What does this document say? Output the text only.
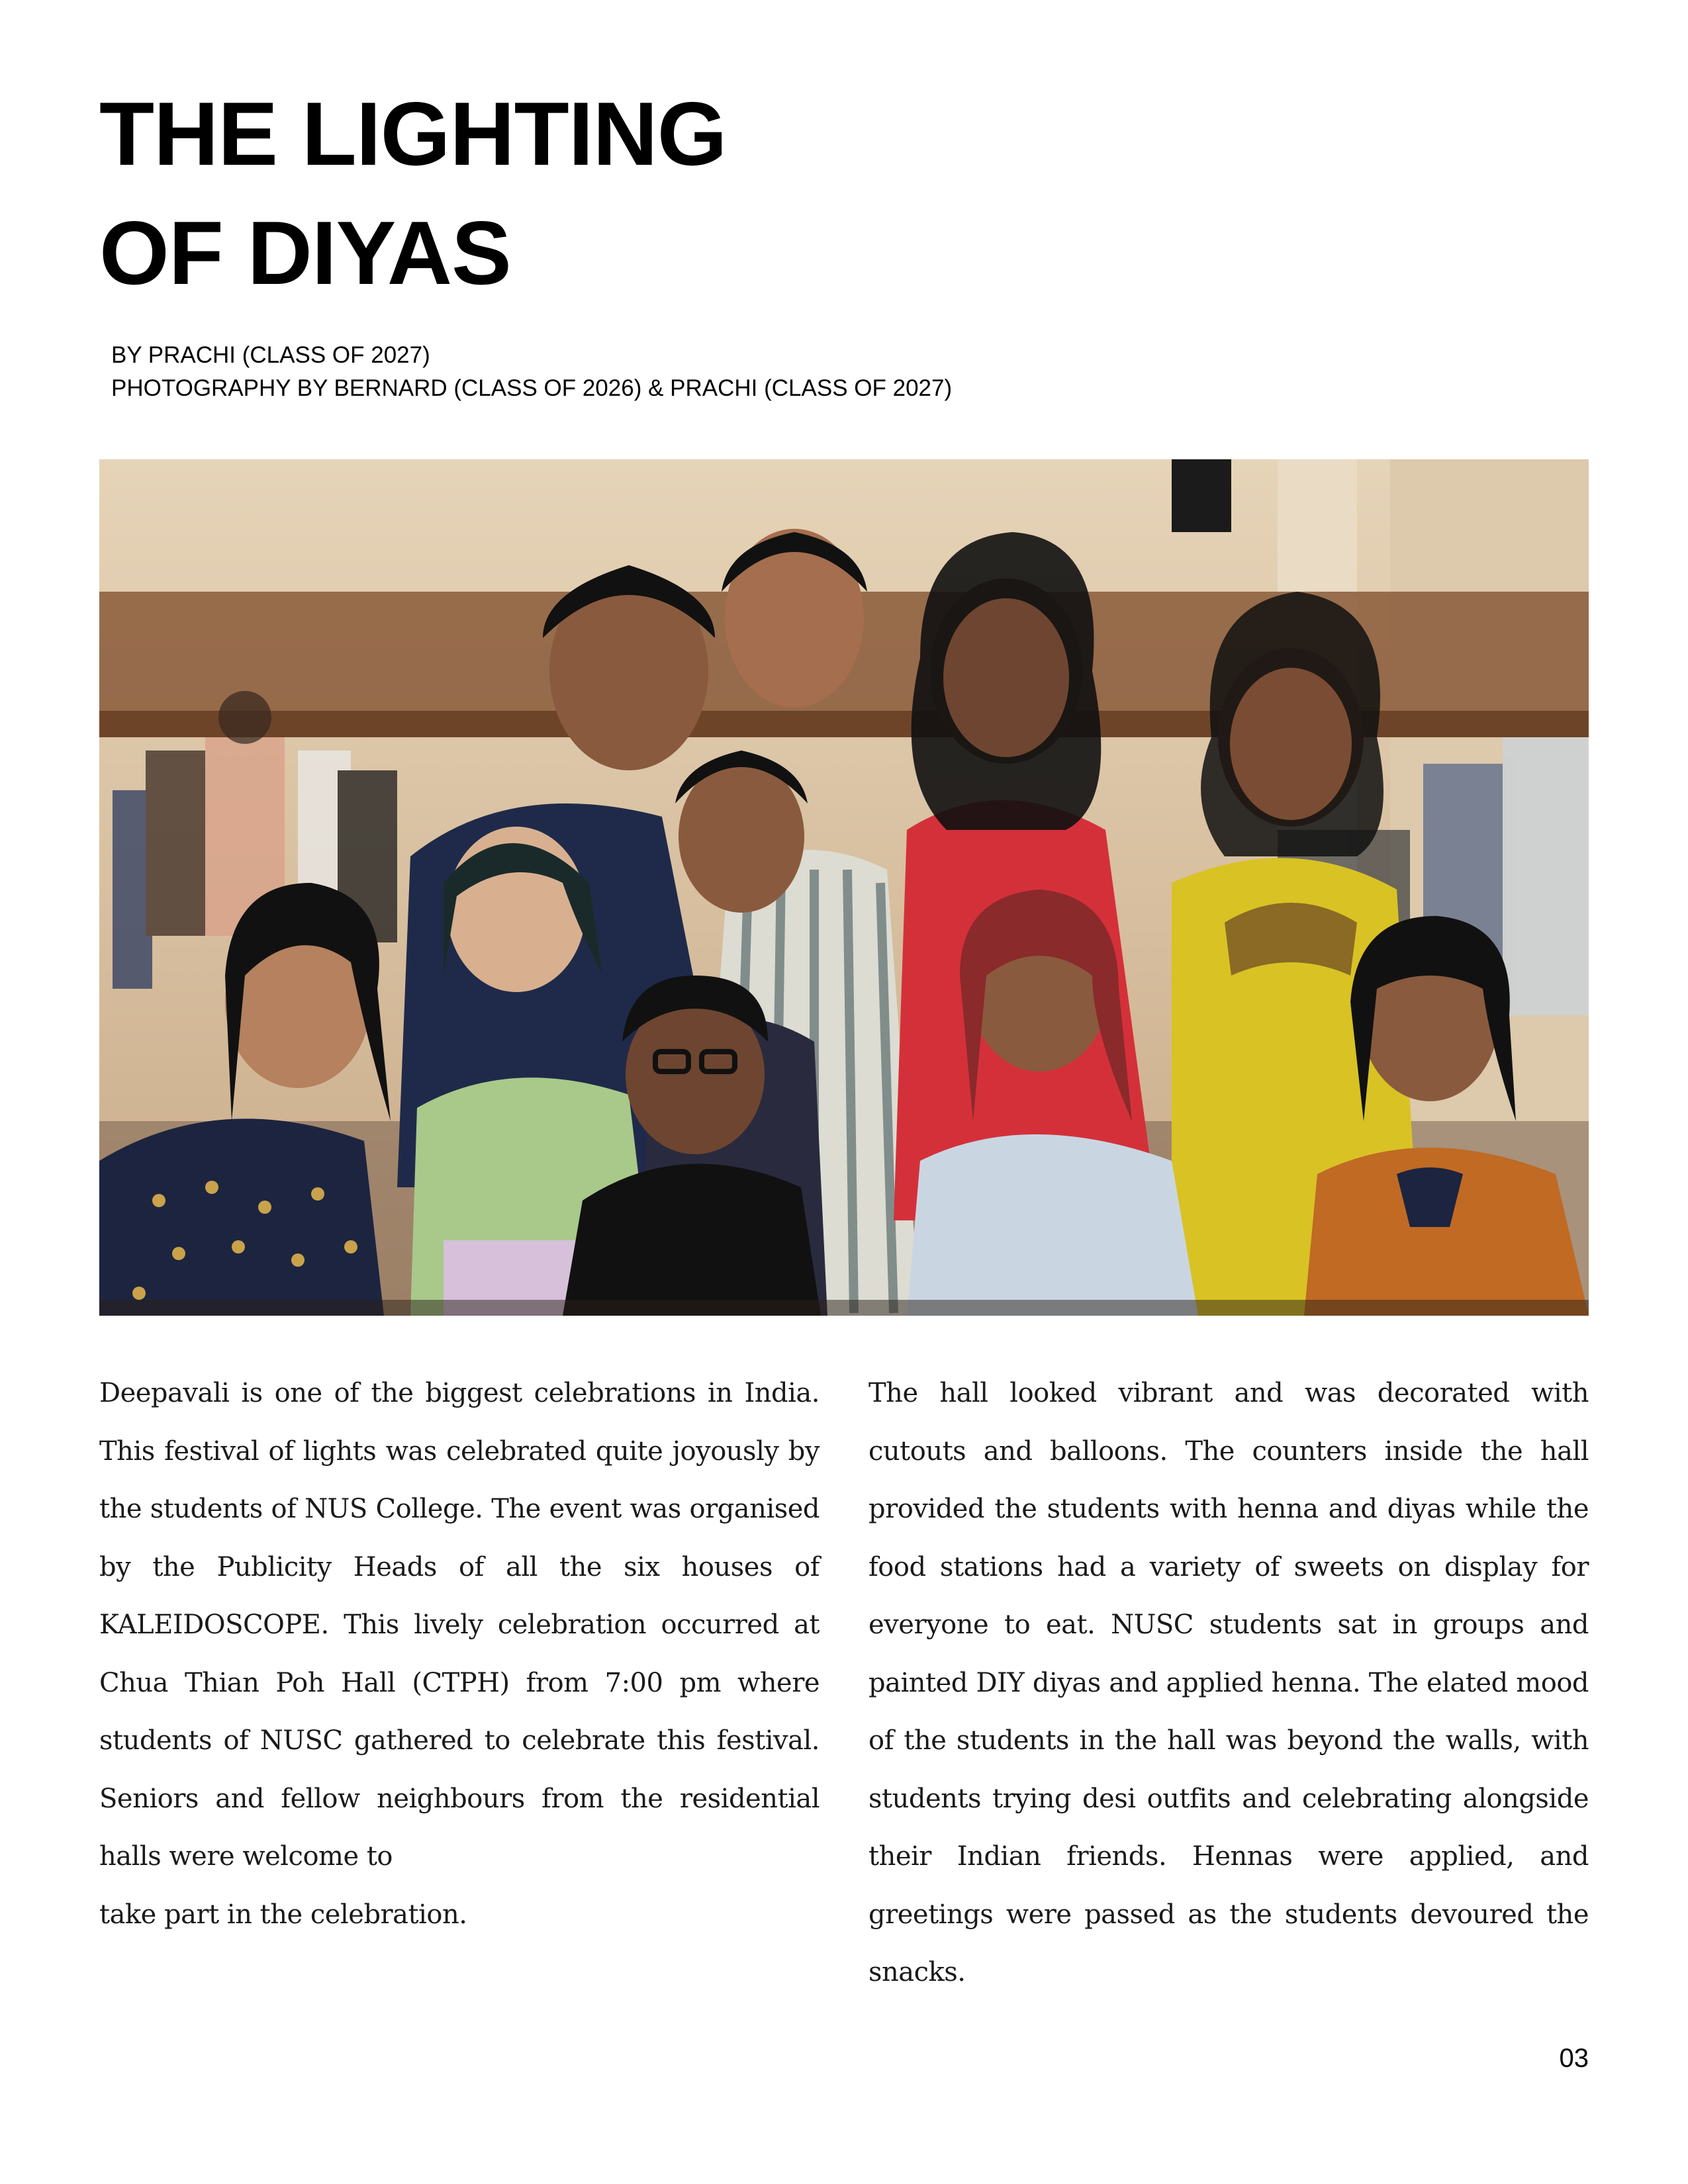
THE LIGHTING
OF DIYAS
BY PRACHI (CLASS OF 2027)
PHOTOGRAPHY BY BERNARD (CLASS OF 2026) & PRACHI (CLASS OF 2027)

Deepavali is one of the biggest celebrations in India. This festival of lights was celebrated quite joyously by the students of NUS College. The event was organised by the Publicity Heads of all the six houses of KALEIDOSCOPE. This lively celebration occurred at Chua Thian Poh Hall (CTPH) from 7:00 pm where students of NUSC gathered to celebrate this festival. Seniors and fellow neighbours from the residential halls were welcome to

take part in the celebration.

The hall looked vibrant and was decorated with cutouts and balloons. The counters inside the hall provided the students with henna and diyas while the food stations had a variety of sweets on display for everyone to eat. NUSC students sat in groups and painted DIY diyas and applied henna. The elated mood of the students in the hall was beyond the walls, with students trying desi outfits and celebrating alongside their Indian friends. Hennas were applied, and greetings were passed as the students devoured the snacks.

03
